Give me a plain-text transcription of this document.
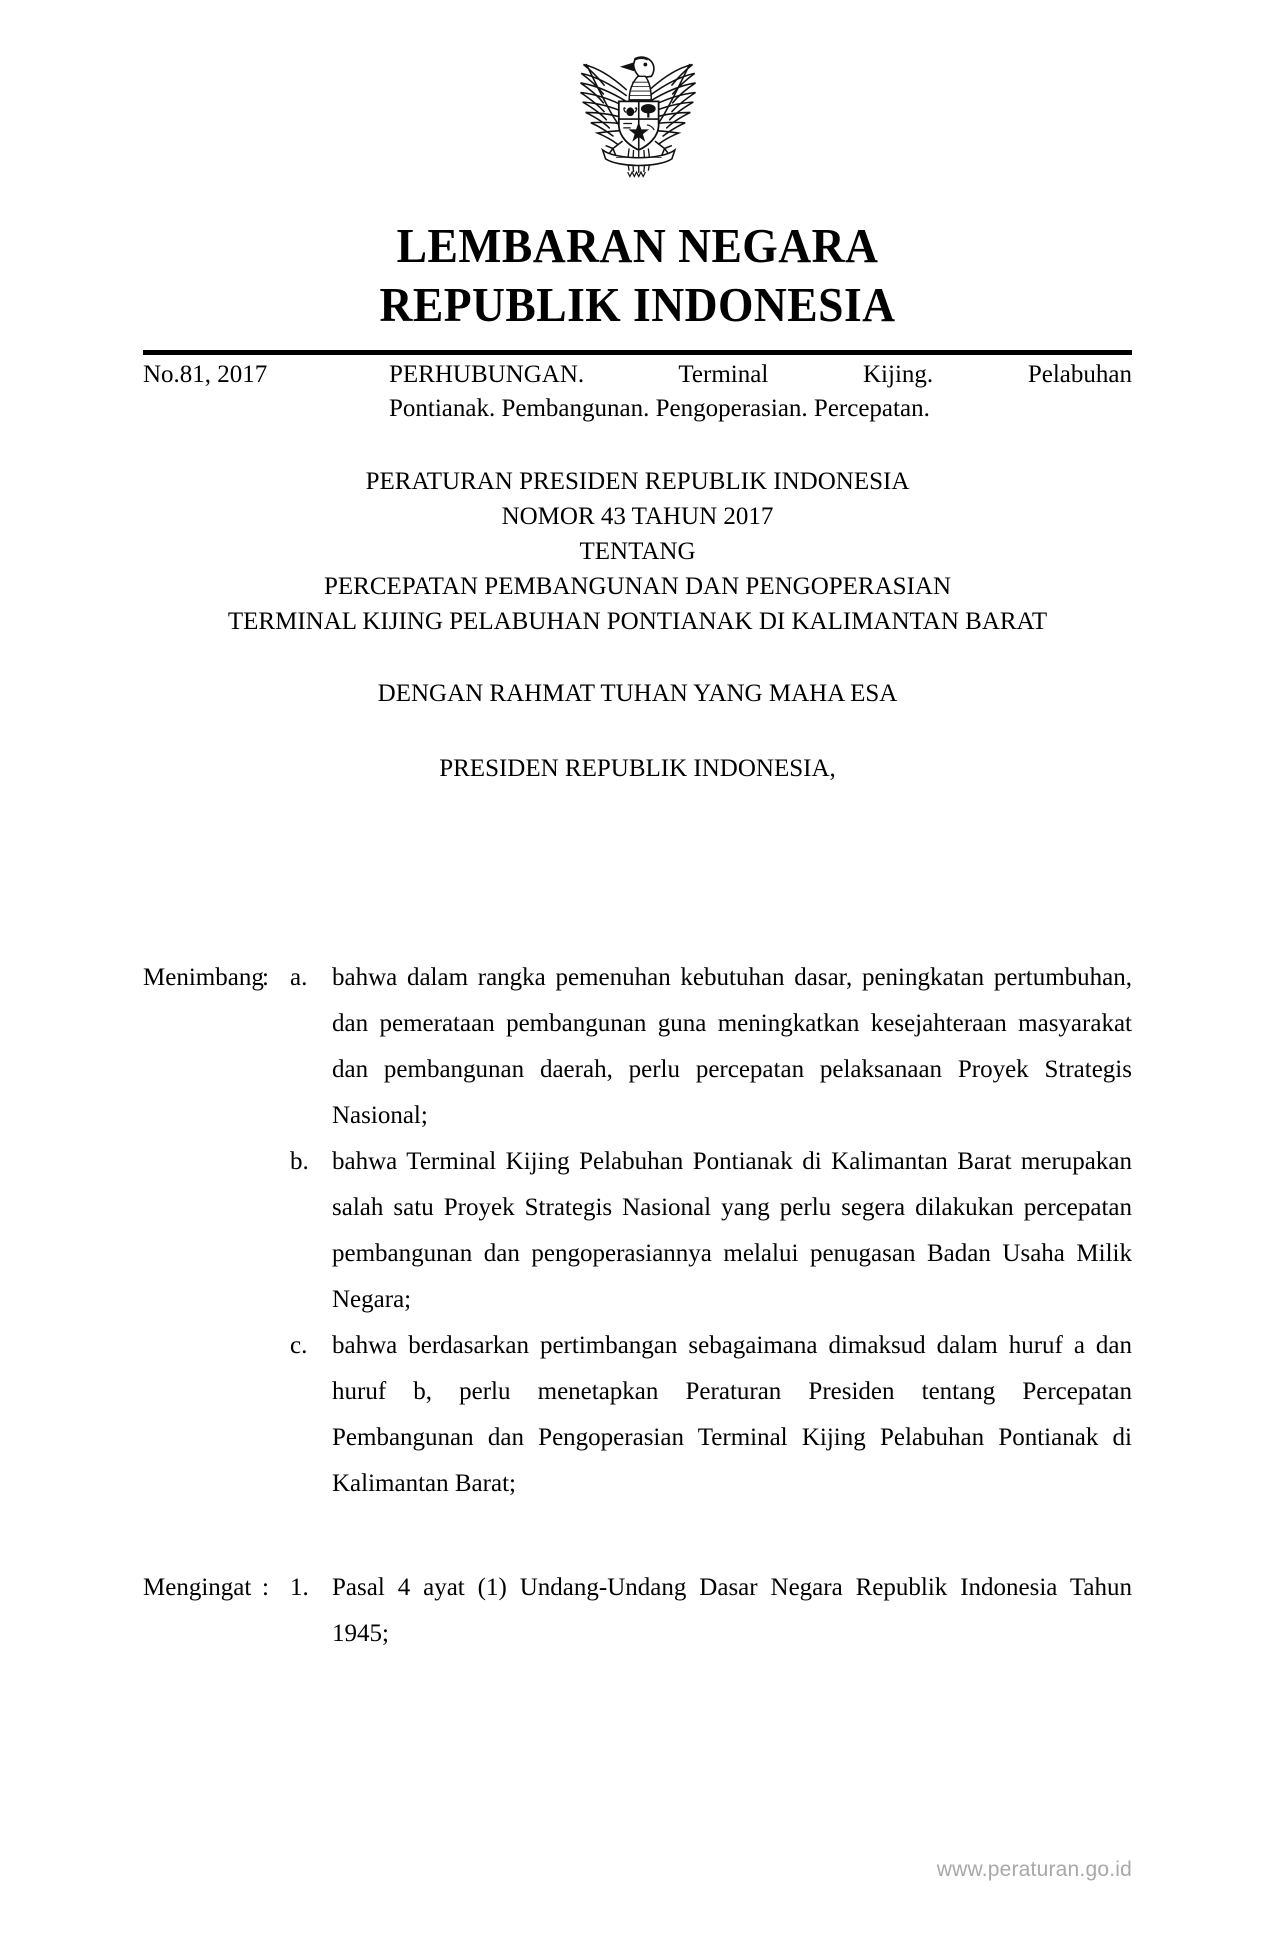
LEMBARAN NEGARA
REPUBLIK INDONESIA
No.81, 2017	PERHUBUNGAN. Terminal Kijing. Pelabuhan
Pontianak. Pembangunan. Pengoperasian. Percepatan.
PERATURAN PRESIDEN REPUBLIK INDONESIA
NOMOR 43 TAHUN 2017
TENTANG
PERCEPATAN PEMBANGUNAN DAN PENGOPERASIAN
TERMINAL KIJING PELABUHAN PONTIANAK DI KALIMANTAN BARAT
DENGAN RAHMAT TUHAN YANG MAHA ESA
PRESIDEN REPUBLIK INDONESIA,
Menimbang
: a. bahwa dalam rangka pemenuhan kebutuhan dasar, peningkatan pertumbuhan, dan pemerataan pembangunan guna meningkatkan kesejahteraan masyarakat dan pembangunan daerah, perlu percepatan pelaksanaan Proyek Strategis Nasional;
b. bahwa Terminal Kijing Pelabuhan Pontianak di Kalimantan Barat merupakan salah satu Proyek Strategis Nasional yang perlu segera dilakukan percepatan pembangunan dan pengoperasiannya melalui penugasan Badan Usaha Milik Negara;
c. bahwa berdasarkan pertimbangan sebagaimana dimaksud dalam huruf a dan huruf b, perlu menetapkan Peraturan Presiden tentang Percepatan Pembangunan dan Pengoperasian Terminal Kijing Pelabuhan Pontianak di Kalimantan Barat;
Mengingat : 1. Pasal 4 ayat (1) Undang-Undang Dasar Negara Republik Indonesia Tahun 1945;
www.peraturan.go.id
